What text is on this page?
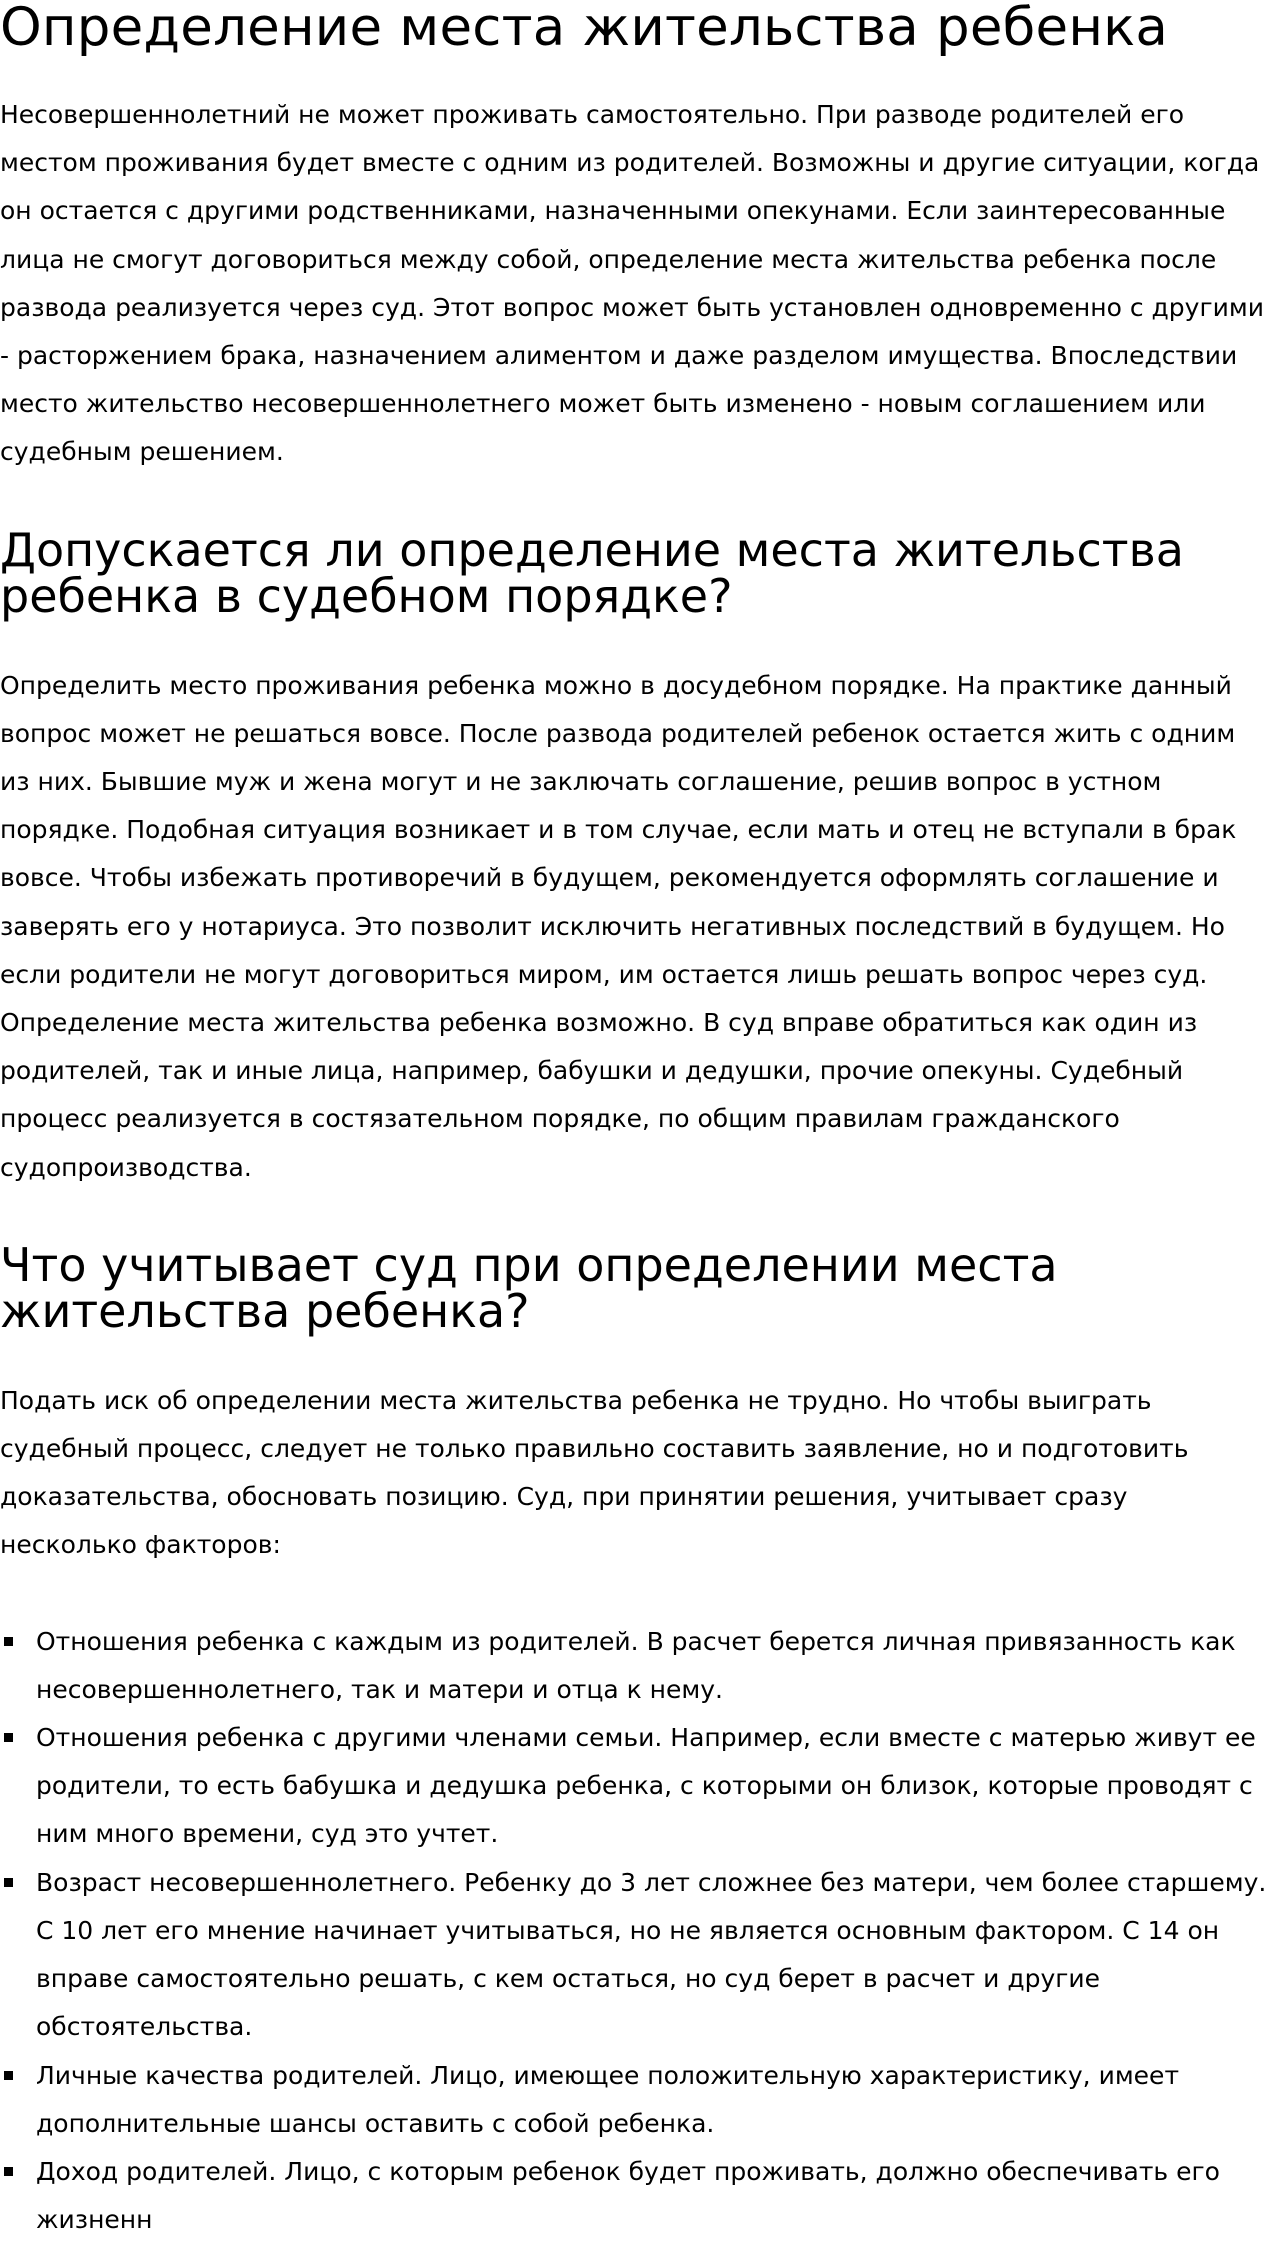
Определение места жительства ребенка

Несовершеннолетний не может проживать самостоятельно. При разводе родителей его местом проживания будет вместе с одним из родителей. Возможны и другие ситуации, когда он остается с другими родственниками, назначенными опекунами. Если заинтересованные лица не смогут договориться между собой, определение места жительства ребенка после развода реализуется через суд. Этот вопрос может быть установлен одновременно с другими - расторжением брака, назначением алиментом и даже разделом имущества. Впоследствии место жительство несовершеннолетнего может быть изменено - новым соглашением или судебным решением.

Допускается ли определение места жительства ребенка в судебном порядке?

Определить место проживания ребенка можно в досудебном порядке. На практике данный вопрос может не решаться вовсе. После развода родителей ребенок остается жить с одним из них. Бывшие муж и жена могут и не заключать соглашение, решив вопрос в устном порядке. Подобная ситуация возникает и в том случае, если мать и отец не вступали в брак вовсе. Чтобы избежать противоречий в будущем, рекомендуется оформлять соглашение и заверять его у нотариуса. Это позволит исключить негативных последствий в будущем. Но если родители не могут договориться миром, им остается лишь решать вопрос через суд. Определение места жительства ребенка возможно. В суд вправе обратиться как один из родителей, так и иные лица, например, бабушки и дедушки, прочие опекуны. Судебный процесс реализуется в состязательном порядке, по общим правилам гражданского судопроизводства.

Что учитывает суд при определении места жительства ребенка?

Подать иск об определении места жительства ребенка не трудно. Но чтобы выиграть судебный процесс, следует не только правильно составить заявление, но и подготовить доказательства, обосновать позицию. Суд, при принятии решения, учитывает сразу несколько факторов:

Отношения ребенка с каждым из родителей. В расчет берется личная привязанность как несовершеннолетнего, так и матери и отца к нему.
Отношения ребенка с другими членами семьи. Например, если вместе с матерью живут ее родители, то есть бабушка и дедушка ребенка, с которыми он близок, которые проводят с ним много времени, суд это учтет.
Возраст несовершеннолетнего. Ребенку до 3 лет сложнее без матери, чем более старшему. С 10 лет его мнение начинает учитываться, но не является основным фактором. С 14 он вправе самостоятельно решать, с кем остаться, но суд берет в расчет и другие обстоятельства.
Личные качества родителей. Лицо, имеющее положительную характеристику, имеет дополнительные шансы оставить с собой ребенка.
Доход родителей. Лицо, с которым ребенок будет проживать, должно обеспечивать его жизненн
